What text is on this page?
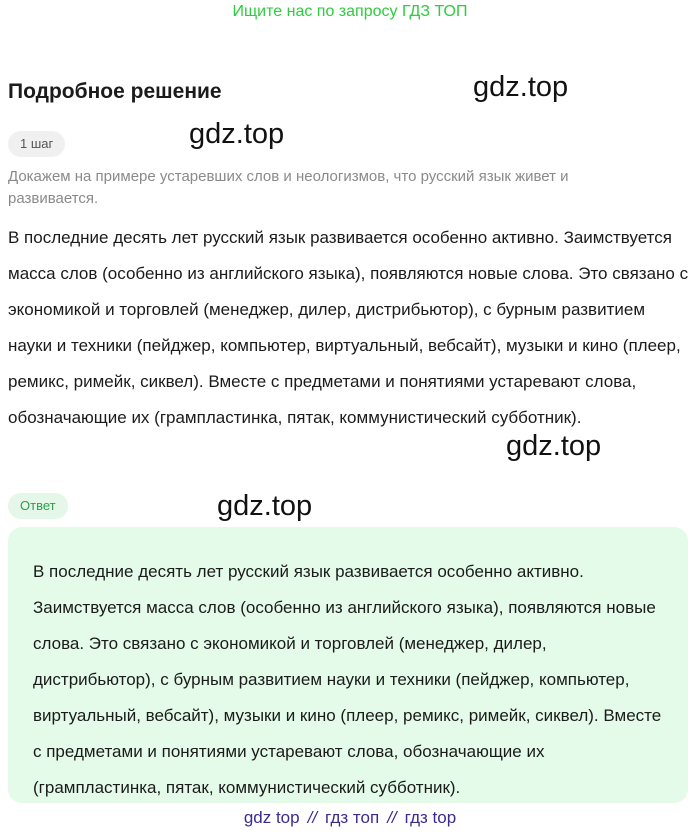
Ищите нас по запросу ГДЗ ТОП
Подробное решение	gdz.top
gdz.top
1 шаг
Докажем на примере устаревших слов и неологизмов, что русский язык живет и развивается.
В последние десять лет русский язык развивается особенно активно. Заимствуется масса слов (особенно из английского языка), появляются новые слова. Это связано с экономикой и торговлей (менеджер, дилер, дистрибьютор), с бурным развитием науки и техники (пейджер, компьютер, виртуальный, вебсайт), музыки и кино (плеер, ремикс, римейк, сиквел). Вместе с предметами и понятиями устаревают слова, обозначающие их (грампластинка, пятак, коммунистический субботник).
gdz.top
Ответ	gdz.top
В последние десять лет русский язык развивается особенно активно. Заимствуется масса слов (особенно из английского языка), появляются новые слова. Это связано с экономикой и торговлей (менеджер, дилер, дистрибьютор), с бурным развитием науки и техники (пейджер, компьютер, виртуальный, вебсайт), музыки и кино (плеер, ремикс, римейк, сиквел). Вместе с предметами и понятиями устаревают слова, обозначающие их (грампластинка, пятак, коммунистический субботник).
gdz top // гдз топ // гдз top
